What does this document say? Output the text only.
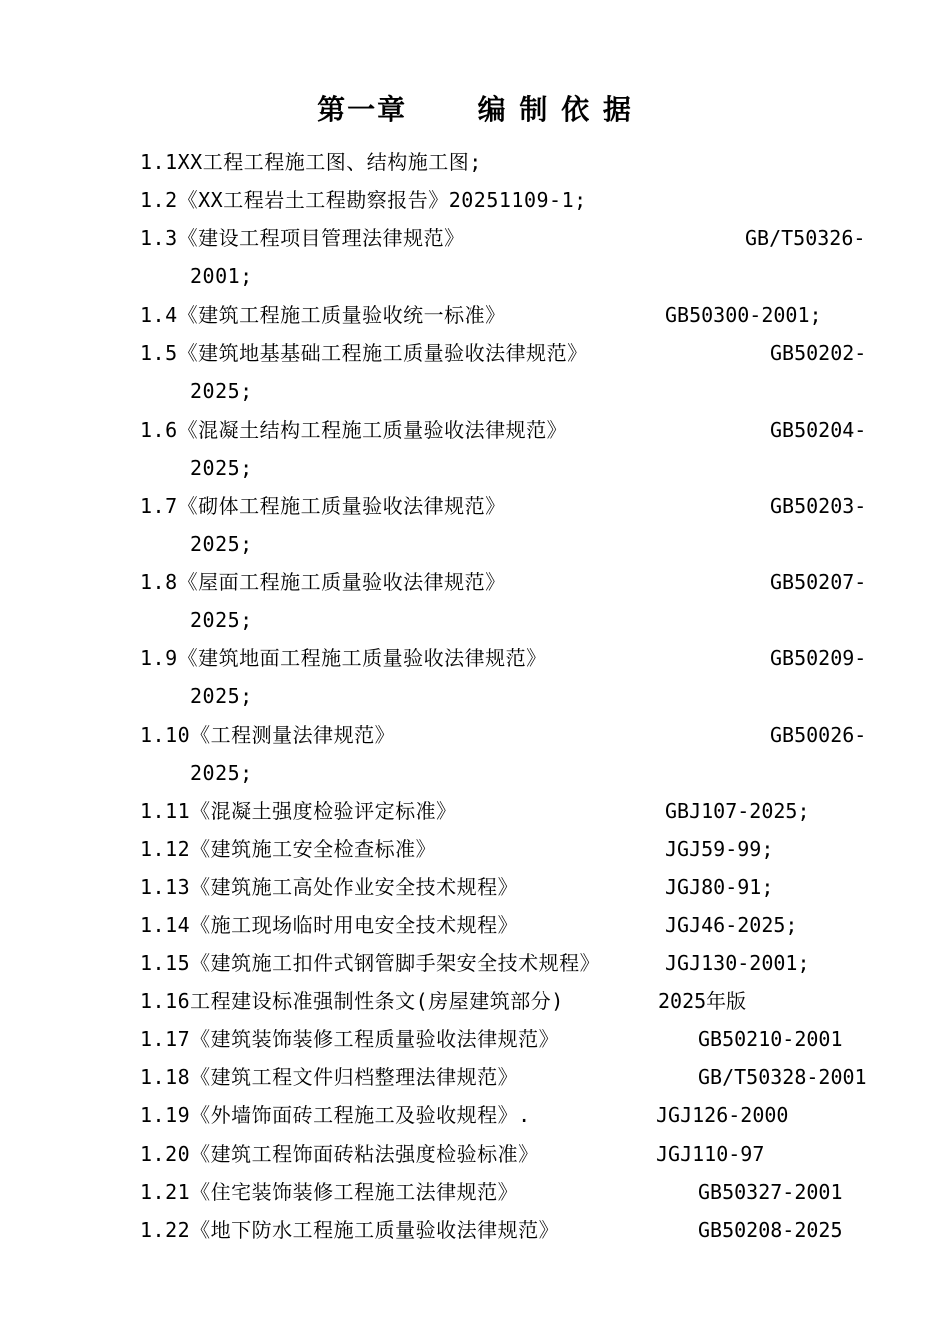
第一章      编 制 依 据
1.1XX工程工程施工图、结构施工图;
1.2《XX工程岩土工程勘察报告》20251109-1;
1.3《建设工程项目管理法律规范》	GB/T50326-
2001;
1.4《建筑工程施工质量验收统一标准》	GB50300-2001;
1.5《建筑地基基础工程施工质量验收法律规范》	GB50202-
2025;
1.6《混凝土结构工程施工质量验收法律规范》	GB50204-
2025;
1.7《砌体工程施工质量验收法律规范》	GB50203-
2025;
1.8《屋面工程施工质量验收法律规范》	GB50207-
2025;
1.9《建筑地面工程施工质量验收法律规范》	GB50209-
2025;
1.10《工程测量法律规范》	GB50026-
2025;
1.11《混凝土强度检验评定标准》	GBJ107-2025;
1.12《建筑施工安全检查标准》	JGJ59-99;
1.13《建筑施工高处作业安全技术规程》	JGJ80-91;
1.14《施工现场临时用电安全技术规程》	JGJ46-2025;
1.15《建筑施工扣件式钢管脚手架安全技术规程》	JGJ130-2001;
1.16工程建设标准强制性条文(房屋建筑部分)	2025年版
1.17《建筑装饰装修工程质量验收法律规范》	GB50210-2001
1.18《建筑工程文件归档整理法律规范》	GB/T50328-2001
1.19《外墙饰面砖工程施工及验收规程》.	JGJ126-2000
1.20《建筑工程饰面砖粘法强度检验标准》	JGJ110-97
1.21《住宅装饰装修工程施工法律规范》	GB50327-2001
1.22《地下防水工程施工质量验收法律规范》	GB50208-2025
